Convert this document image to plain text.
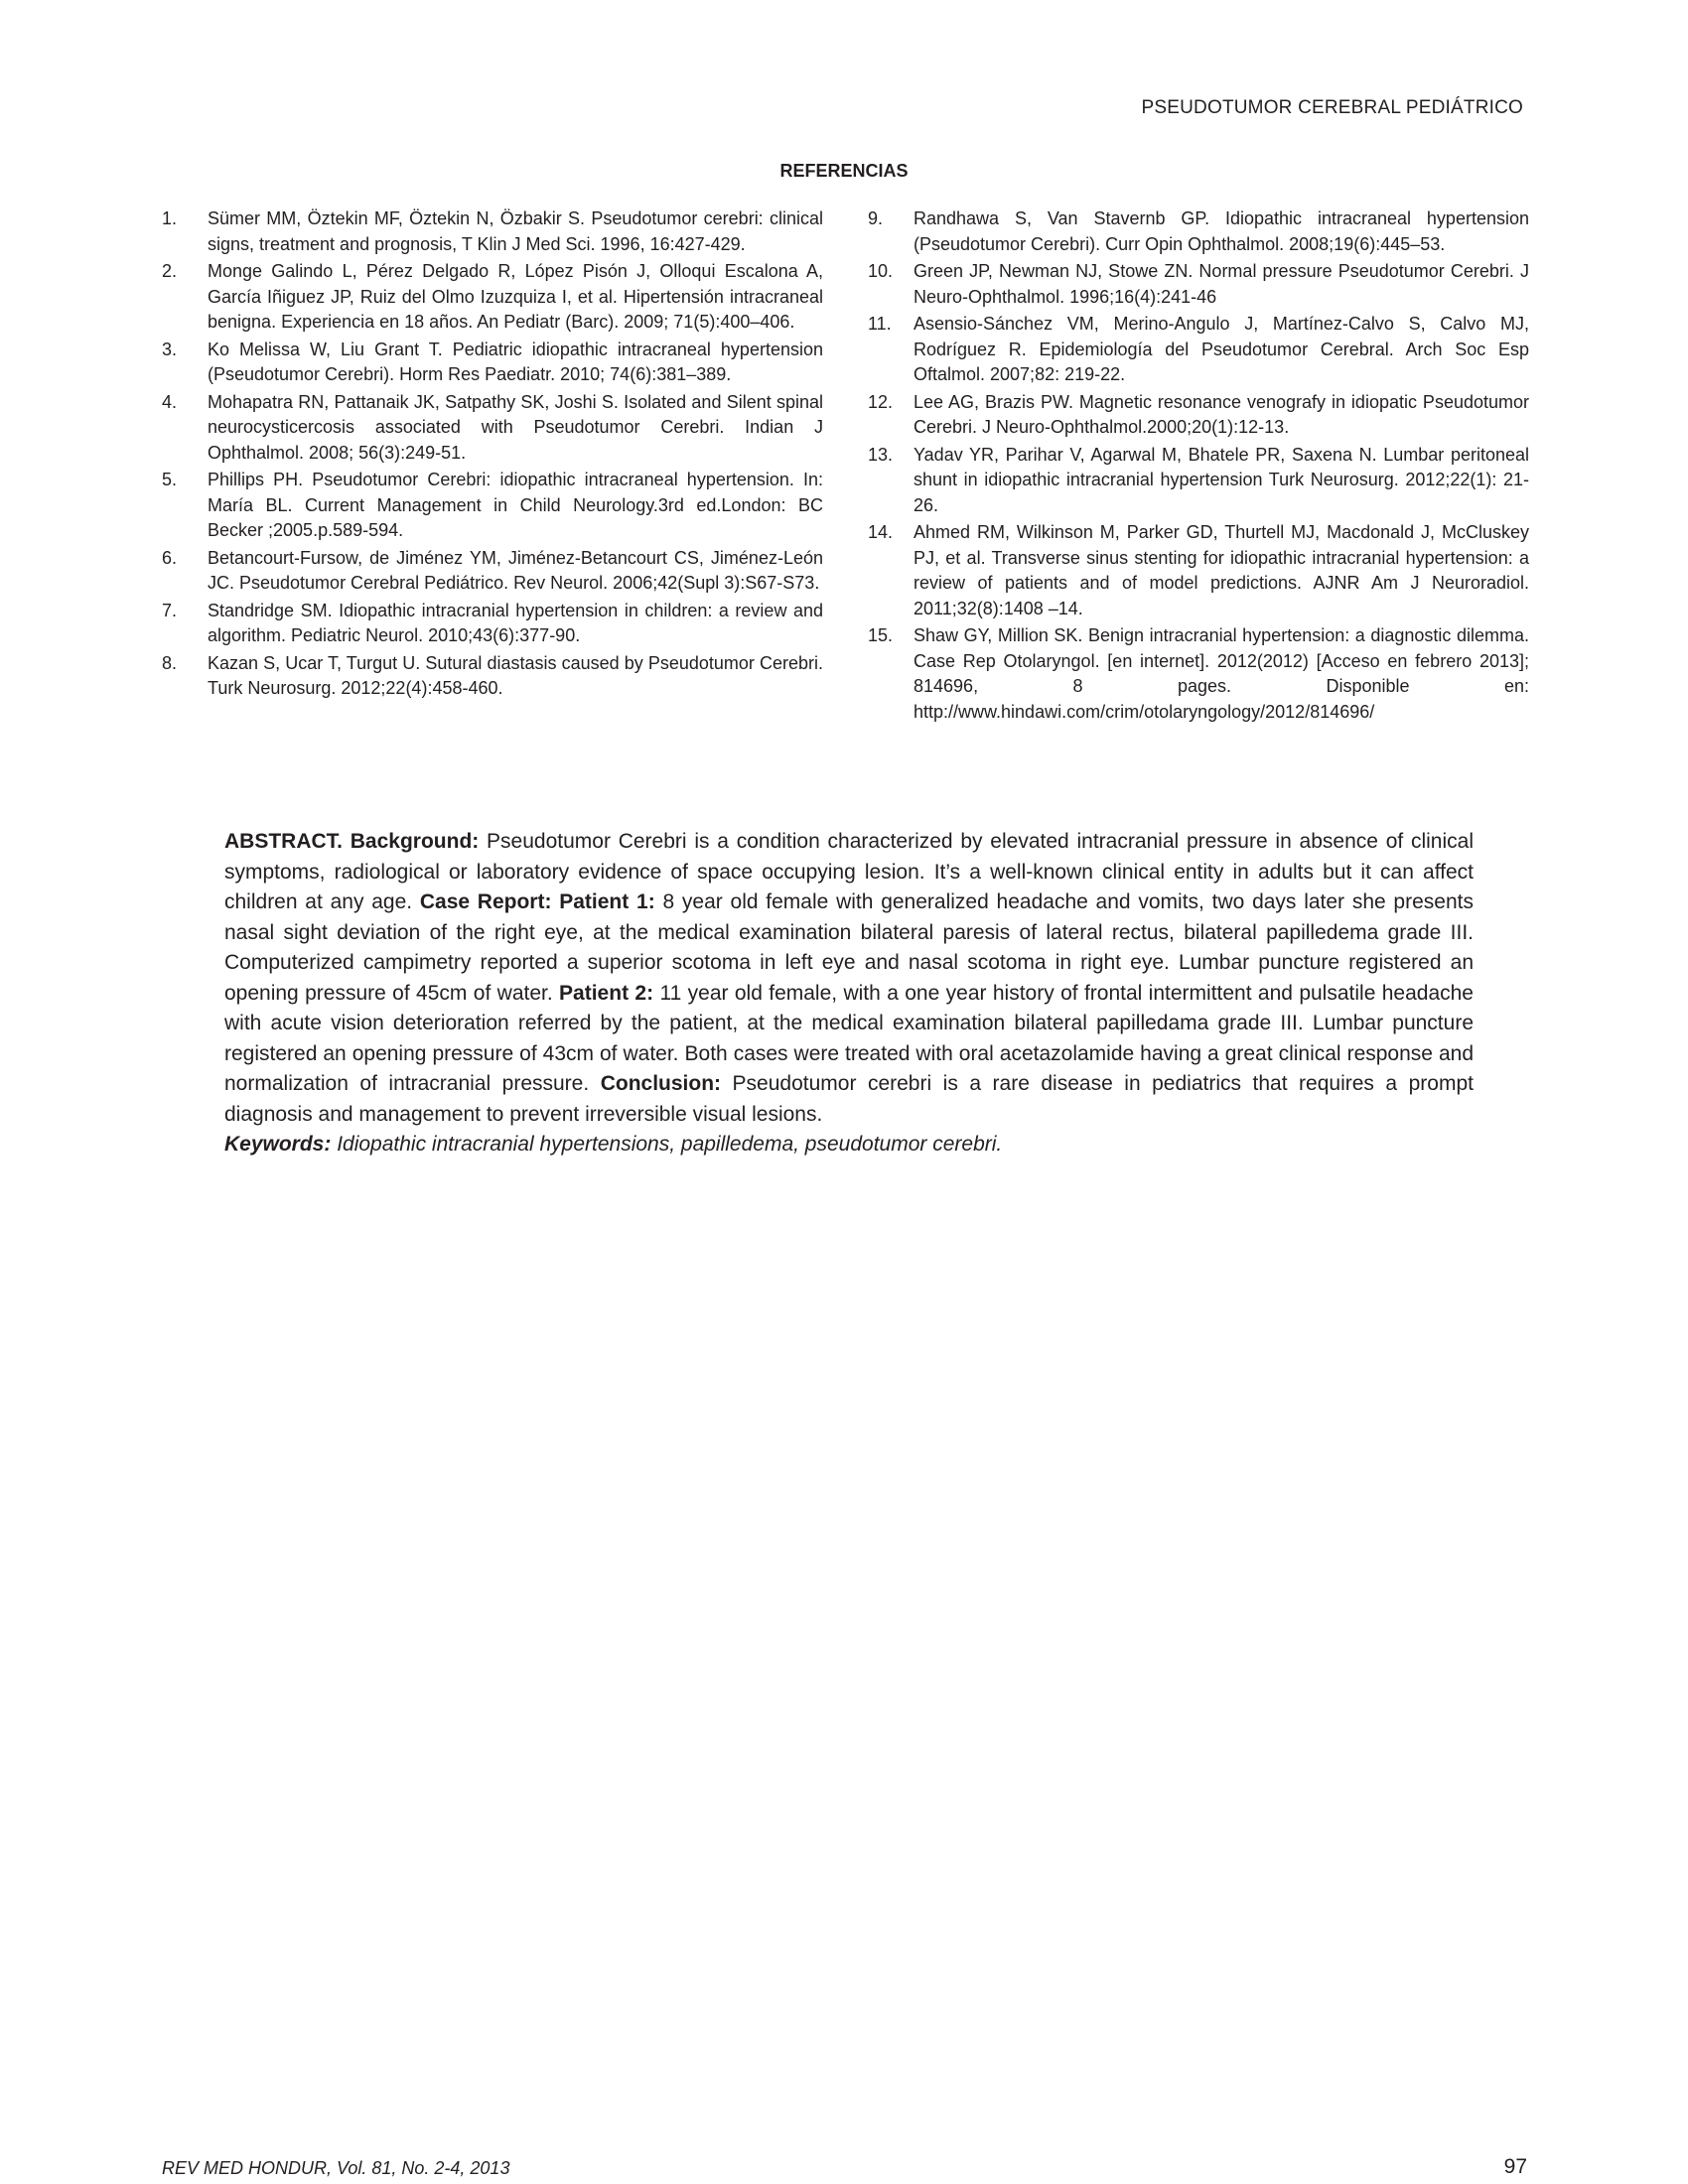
PSEUDOTUMOR CEREBRAL PEDIÁTRICO
REFERENCIAS
1.	Sümer MM, Öztekin MF, Öztekin N, Özbakir S. Pseudotumor cerebri: clinical signs, treatment and prognosis, T Klin J Med Sci. 1996, 16:427-429.
2.	Monge Galindo L, Pérez Delgado R, López Pisón J, Olloqui Escalona A, García Iñiguez JP, Ruiz del Olmo Izuzquiza I, et al. Hipertensión intracraneal benigna. Experiencia en 18 años. An Pediatr (Barc). 2009; 71(5):400–406.
3.	Ko Melissa W, Liu Grant T. Pediatric idiopathic intracraneal hypertension (Pseudotumor Cerebri). Horm Res Paediatr. 2010; 74(6):381–389.
4.	Mohapatra RN, Pattanaik JK, Satpathy SK, Joshi S. Isolated and Silent spinal neurocysticercosis associated with Pseudotumor Cerebri. Indian J Ophthalmol. 2008; 56(3):249-51.
5.	Phillips PH. Pseudotumor Cerebri: idiopathic intracraneal hypertension. In: María BL. Current Management in Child Neurology.3rd ed.London: BC Becker ;2005.p.589-594.
6.	Betancourt-Fursow, de Jiménez YM, Jiménez-Betancourt CS, Jiménez-León JC. Pseudotumor Cerebral Pediátrico. Rev Neurol. 2006;42(Supl 3):S67-S73.
7.	Standridge SM. Idiopathic intracranial hypertension in children: a review and algorithm. Pediatric Neurol. 2010;43(6):377-90.
8.	Kazan S, Ucar T, Turgut U. Sutural diastasis caused by Pseudotumor Cerebri. Turk Neurosurg. 2012;22(4):458-460.
9.	Randhawa S, Van Stavernb GP. Idiopathic intracraneal hypertension (Pseudotumor Cerebri). Curr Opin Ophthalmol. 2008;19(6):445–53.
10.	Green JP, Newman NJ, Stowe ZN. Normal pressure Pseudotumor Cerebri. J Neuro-Ophthalmol. 1996;16(4):241-46
11.	Asensio-Sánchez VM, Merino-Angulo J, Martínez-Calvo S, Calvo MJ, Rodríguez R. Epidemiología del Pseudotumor Cerebral. Arch Soc Esp Oftalmol. 2007;82: 219-22.
12.	Lee AG, Brazis PW. Magnetic resonance venografy in idiopatic Pseudotumor Cerebri. J Neuro-Ophthalmol.2000;20(1):12-13.
13.	Yadav YR, Parihar V, Agarwal M, Bhatele PR, Saxena N. Lumbar peritoneal shunt in idiopathic intracranial hypertension Turk Neurosurg. 2012;22(1): 21-26.
14.	Ahmed RM, Wilkinson M, Parker GD, Thurtell MJ, Macdonald J, McCluskey PJ, et al. Transverse sinus stenting for idiopathic intracranial hypertension: a review of patients and of model predictions. AJNR Am J Neuroradiol. 2011;32(8):1408 –14.
15.	Shaw GY, Million SK. Benign intracranial hypertension: a diagnostic dilemma. Case Rep Otolaryngol. [en internet]. 2012(2012) [Acceso en febrero 2013]; 814696, 8 pages. Disponible en: http://www.hindawi.com/crim/otolaryngology/2012/814696/
ABSTRACT. Background: Pseudotumor Cerebri is a condition characterized by elevated intracranial pressure in absence of clinical symptoms, radiological or laboratory evidence of space occupying lesion. It’s a well-known clinical entity in adults but it can affect children at any age. Case Report: Patient 1: 8 year old female with generalized headache and vomits, two days later she presents nasal sight deviation of the right eye, at the medical examination bilateral paresis of lateral rectus, bilateral papilledema grade III. Computerized campimetry reported a superior scotoma in left eye and nasal scotoma in right eye. Lumbar puncture registered an opening pressure of 45cm of water. Patient 2: 11 year old female, with a one year history of frontal intermittent and pulsatile headache with acute vision deterioration referred by the patient, at the medical examination bilateral papilledama grade III. Lumbar puncture registered an opening pressure of 43cm of water. Both cases were treated with oral acetazolamide having a great clinical response and normalization of intracranial pressure. Conclusion: Pseudotumor cerebri is a rare disease in pediatrics that requires a prompt diagnosis and management to prevent irreversible visual lesions.
Keywords: Idiopathic intracranial hypertensions, papilledema, pseudotumor cerebri.
REV MED HONDUR, Vol. 81, No. 2-4, 2013	97
